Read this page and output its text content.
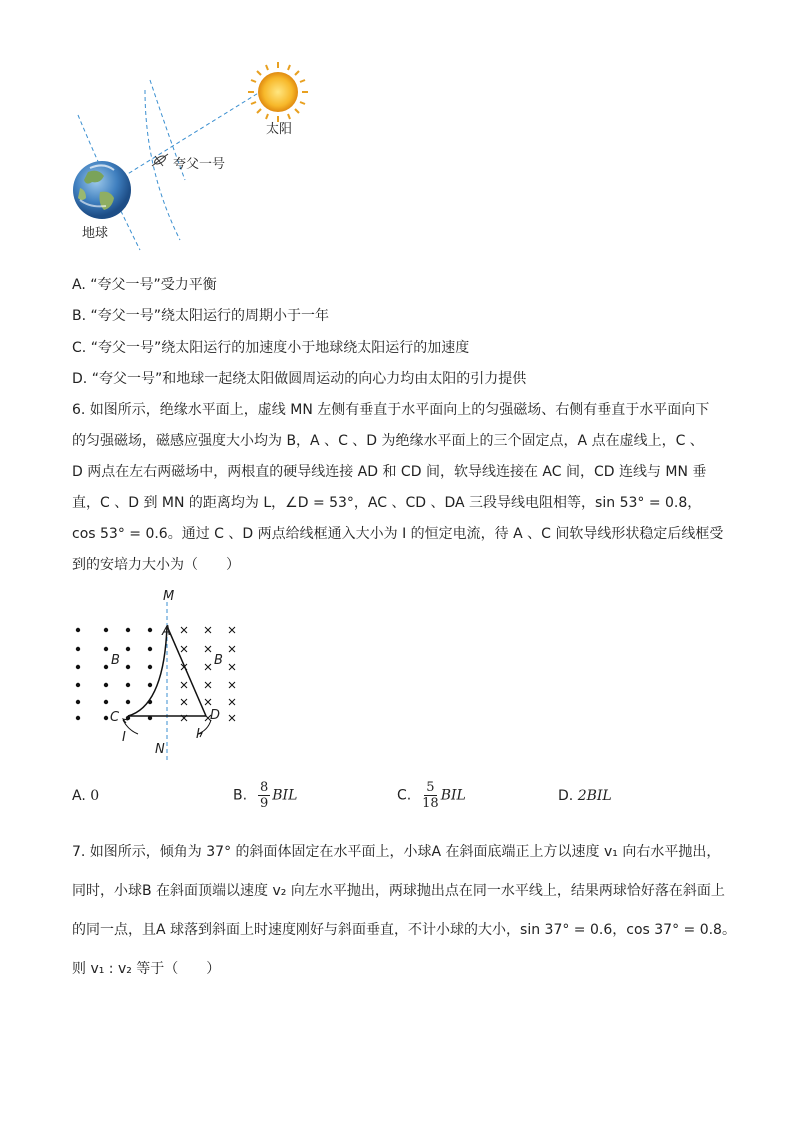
太阳
夸父一号
地球
A. “夸父一号”受力平衡
B. “夸父一号”绕太阳运行的周期小于一年
C. “夸父一号”绕太阳运行的加速度小于地球绕太阳运行的加速度
D. “夸父一号”和地球一起绕太阳做圆周运动的向心力均由太阳的引力提供
6. 如图所示，绝缘水平面上，虚线 MN 左侧有垂直于水平面向上的匀强磁场、右侧有垂直于水平面向下
的匀强磁场，磁感应强度大小均为 B，A 、C 、D 为绝缘水平面上的三个固定点，A 点在虚线上，C 、
D 两点在左右两磁场中，两根直的硬导线连接 AD 和 CD 间，软导线连接在 AC 间，CD 连线与 MN 垂
直，C 、D 到 MN 的距离均为 L，∠D = 53°，AC 、CD 、DA 三段导线电阻相等，sin 53° = 0.8，
cos 53° = 0.6。通过 C 、D 两点给线框通入大小为 I 的恒定电流，待 A 、C 间软导线形状稳定后线框受
到的安培力大小为（　　）
M
N
A
C	D
B	B
I	I
A. 0	B. $\frac{8}{9}$ BIL	C. $\frac{5}{18}$ BIL	D. 2BIL
7. 如图所示，倾角为 37° 的斜面体固定在水平面上，小球A 在斜面底端正上方以速度 v₁ 向右水平抛出，
同时，小球B 在斜面顶端以速度 v₂ 向左水平抛出，两球抛出点在同一水平线上，结果两球恰好落在斜面上
的同一点，且A 球落到斜面上时速度刚好与斜面垂直，不计小球的大小，sin 37° = 0.6，cos 37° = 0.8。
则 v₁ : v₂ 等于（　　）
